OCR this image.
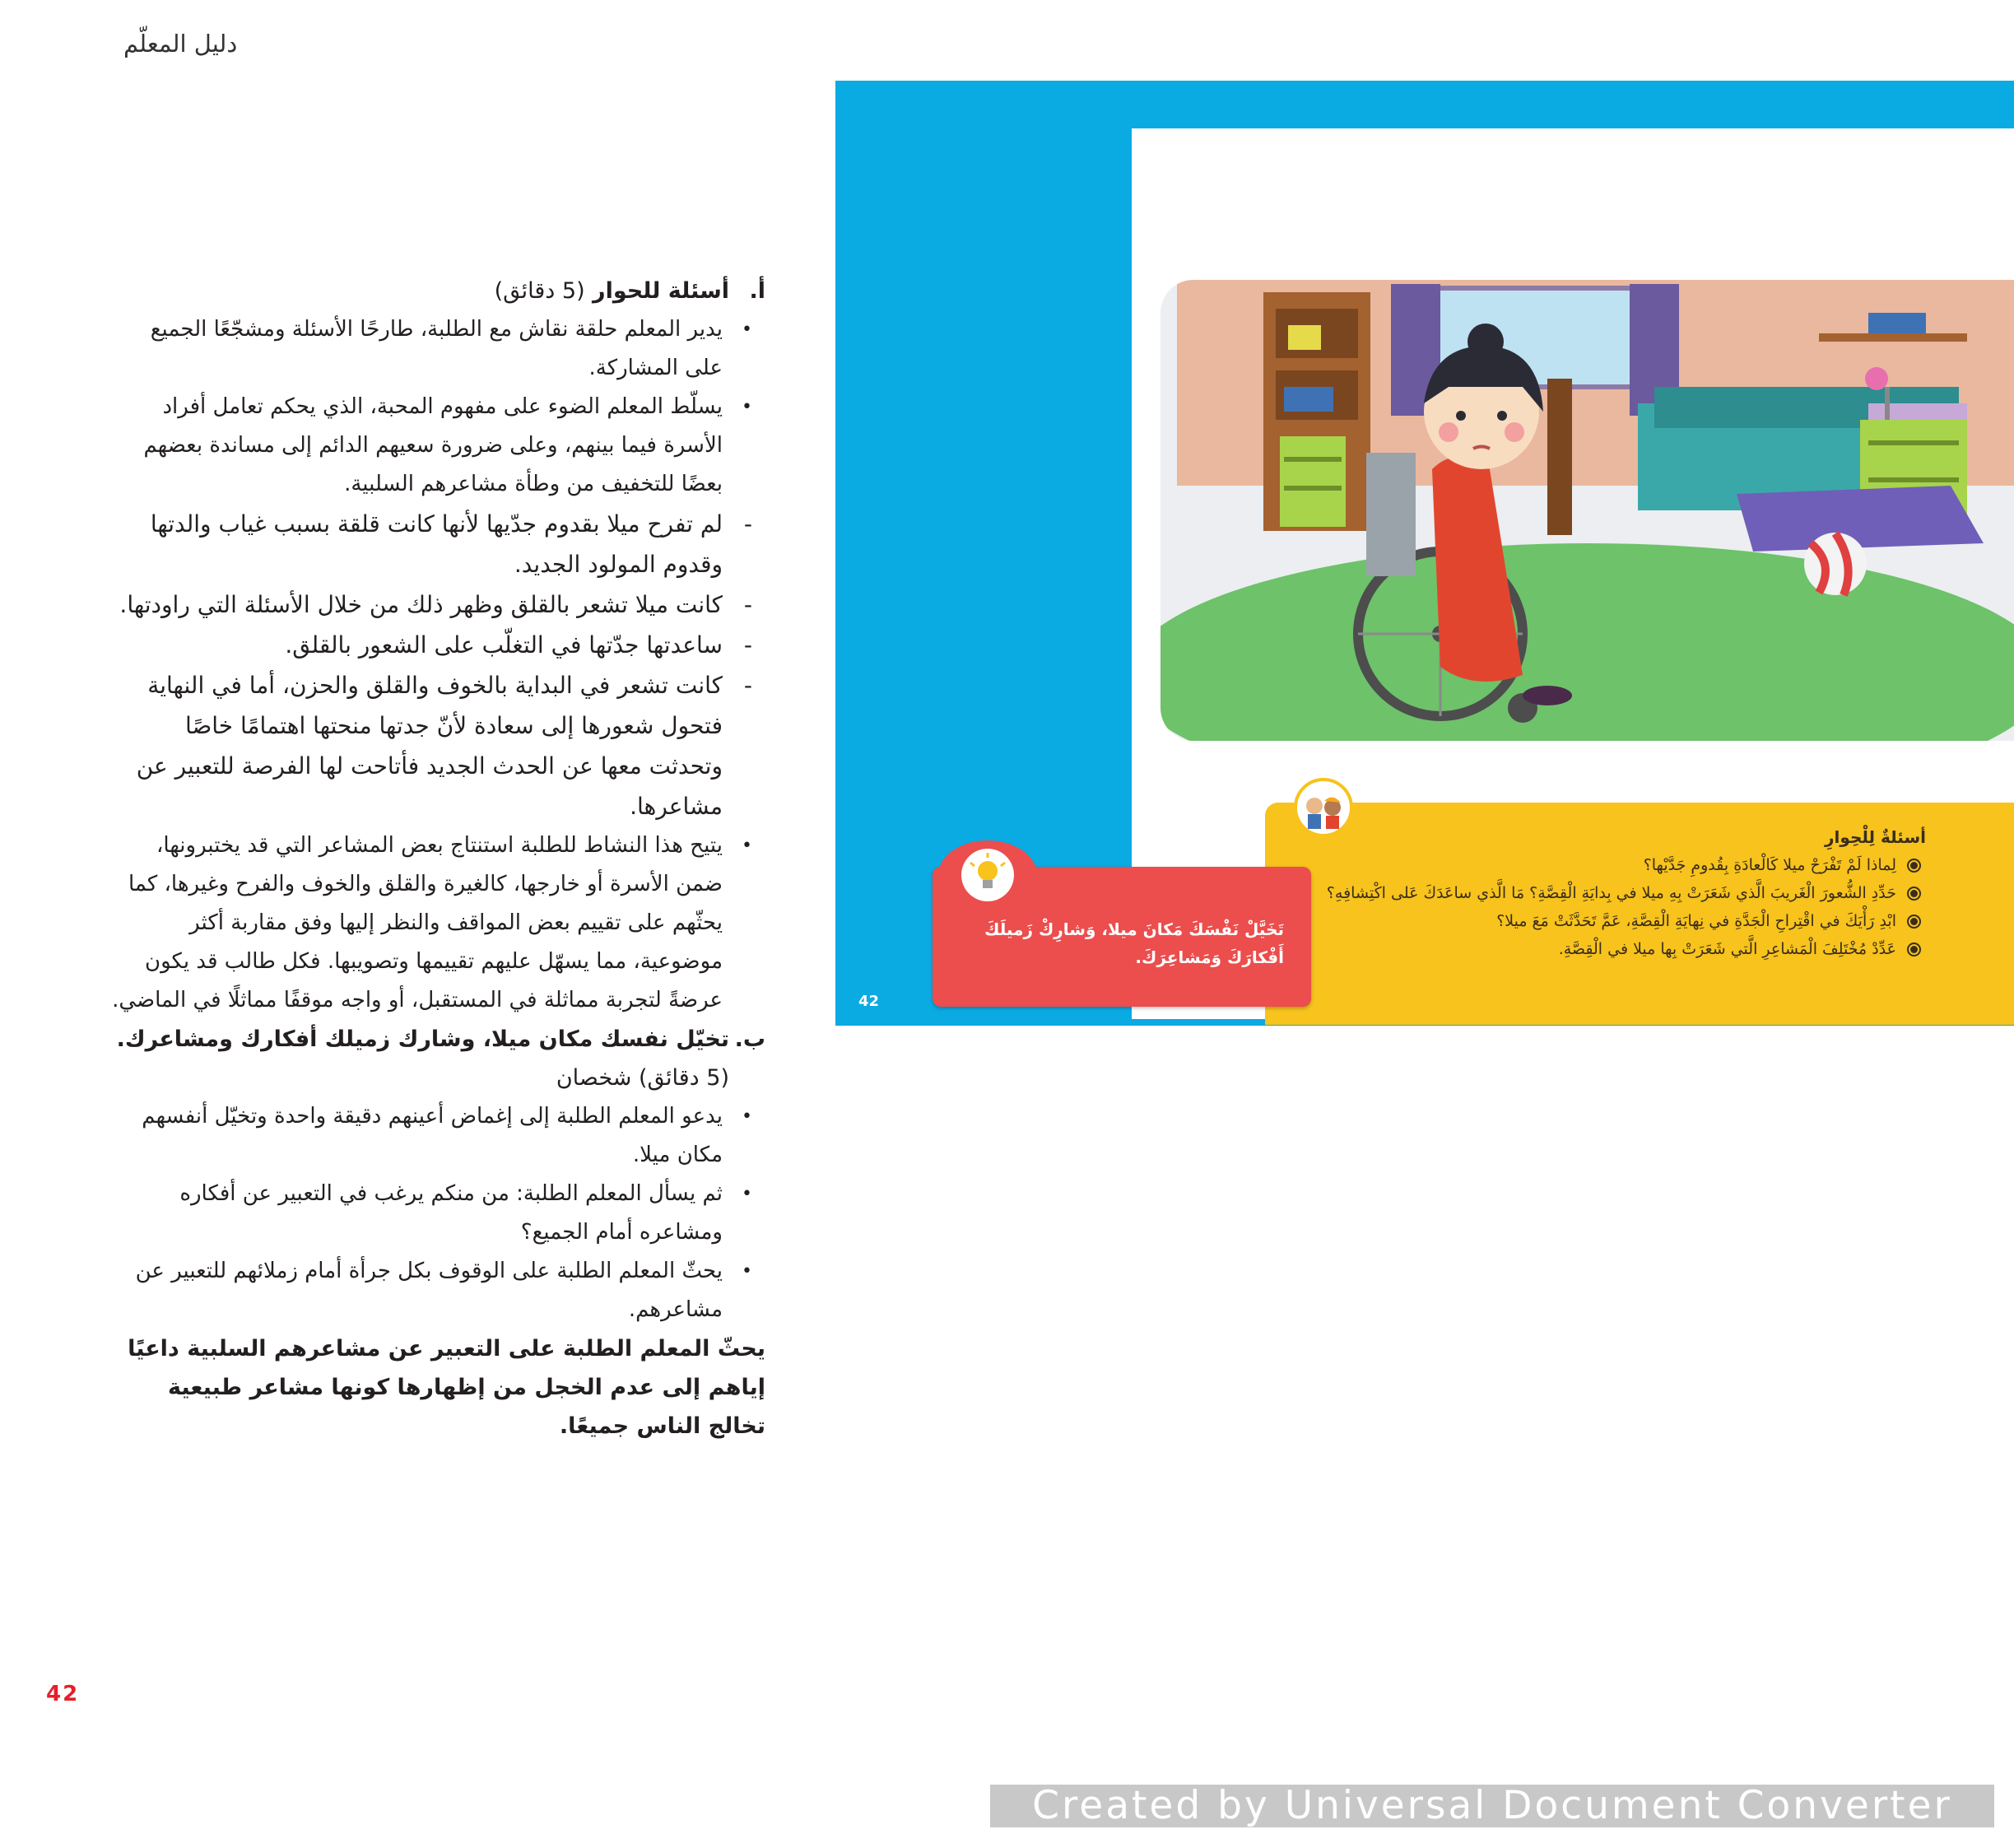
دليل المعلّم
أ.
أسئلة للحوار (5 دقائق)
• يدير المعلم حلقة نقاش مع الطلبة، طارحًا الأسئلة ومشجّعًا الجميع على المشاركة.
• يسلّط المعلم الضوء على مفهوم المحبة، الذي يحكم تعامل أفراد الأسرة فيما بينهم، وعلى ضرورة سعيهم الدائم إلى مساندة بعضهم بعضًا للتخفيف من وطأة مشاعرهم السلبية.
- لم تفرح ميلا بقدوم جدّيها لأنها كانت قلقة بسبب غياب والدتها وقدوم المولود الجديد.
- كانت ميلا تشعر بالقلق وظهر ذلك من خلال الأسئلة التي راودتها.
- ساعدتها جدّتها في التغلّب على الشعور بالقلق.
- كانت تشعر في البداية بالخوف والقلق والحزن، أما في النهاية فتحول شعورها إلى سعادة لأنّ جدتها منحتها اهتمامًا خاصًا وتحدثت معها عن الحدث الجديد فأتاحت لها الفرصة للتعبير عن مشاعرها.
• يتيح هذا النشاط للطلبة استنتاج بعض المشاعر التي قد يختبرونها، ضمن الأسرة أو خارجها، كالغيرة والقلق والخوف والفرح وغيرها، كما يحثّهم على تقييم بعض المواقف والنظر إليها وفق مقاربة أكثر موضوعية، مما يسهّل عليهم تقييمها وتصويبها. فكل طالب قد يكون عرضةً لتجربة مماثلة في المستقبل، أو واجه موقفًا مماثلًا في الماضي.
ب.
تخيّل نفسك مكان ميلا، وشارك زميلك أفكارك ومشاعرك. (5 دقائق) شخصان
• يدعو المعلم الطلبة إلى إغماض أعينهم دقيقة واحدة وتخيّل أنفسهم مكان ميلا.
• ثم يسأل المعلم الطلبة: من منكم يرغب في التعبير عن أفكاره ومشاعره أمام الجميع؟
• يحثّ المعلم الطلبة على الوقوف بكل جرأة أمام زملائهم للتعبير عن مشاعرهم.
يحثّ المعلم الطلبة على التعبير عن مشاعرهم السلبية داعيًا إياهم إلى عدم الخجل من إظهارها كونها مشاعر طبيعية تخالج الناس جميعًا.
42
أسئلةٌ لِلْحِوارِ
لِماذا لَمْ تَفْرَحْ ميلا كَالْعادَةِ بِقُدومِ جَدَّيْها؟
حَدِّدِ الشُّعورَ الْغَريبَ الَّذي شَعَرَتْ بِهِ ميلا في بِدايَةِ الْقِصَّةِ؟ مَا الَّذي ساعَدَكَ عَلى اكْتِشافِهِ؟
ابْدِ رَأْيَكَ في اقْتِراحِ الْجَدَّةِ في نِهايَةِ الْقِصَّةِ، عَمَّ تَحَدَّثَتْ مَعَ ميلا؟
عَدِّدْ مُخْتَلِفَ الْمَشاعِرِ الَّتي شَعَرَتْ بِها ميلا في الْقِصَّةِ.
تَخَيَّلْ نَفْسَكَ مَكانَ ميلا، وَشارِكْ زَميلَكَ أَفْكارَكَ وَمَشاعِرَكَ.
42
Created by Universal Document Converter
